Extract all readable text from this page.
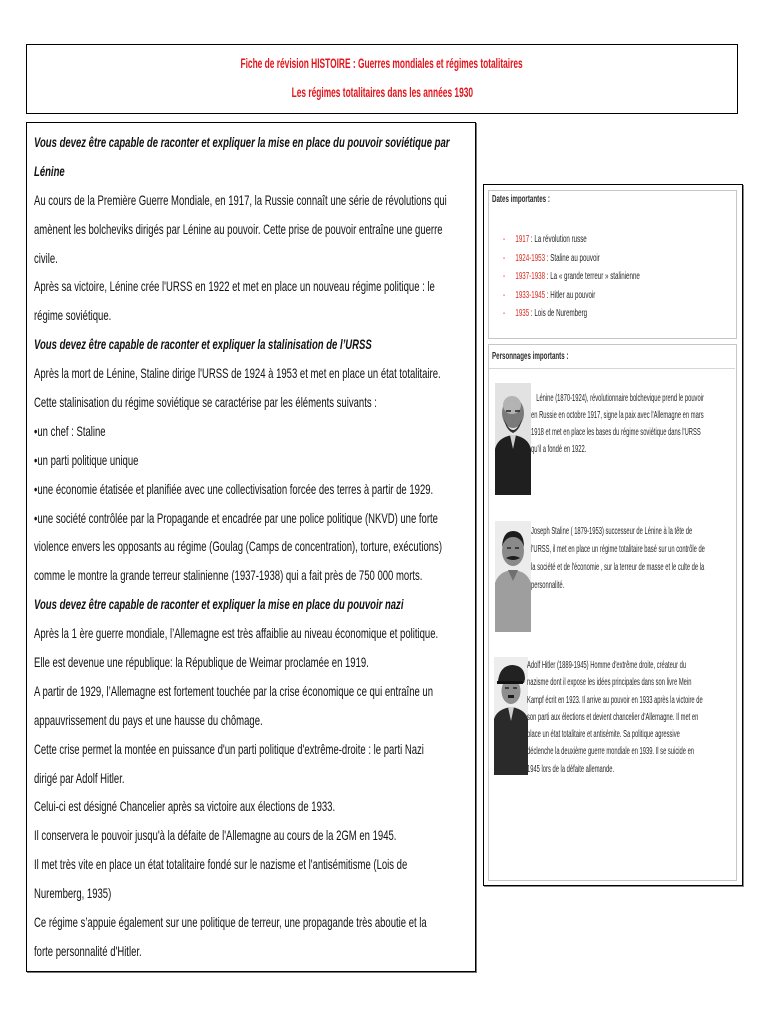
Fiche de révision HISTOIRE : Guerres mondiales et régimes totalitaires
Les régimes totalitaires dans les années 1930
Vous devez être capable de raconter et expliquer la mise en place du pouvoir soviétique par
Lénine
Au cours de la Première Guerre Mondiale, en 1917, la Russie connaît une série de révolutions qui
amènent les bolcheviks dirigés par Lénine au pouvoir. Cette prise de pouvoir entraîne une guerre
civile.
Après sa victoire, Lénine crée l'URSS en 1922 et met en place un nouveau régime politique : le
régime soviétique.
Vous devez être capable de raconter et expliquer la stalinisation de l’URSS
Après la mort de Lénine, Staline dirige l'URSS de 1924 à 1953 et met en place un état totalitaire.
Cette stalinisation du régime soviétique se caractérise par les éléments suivants :
•un chef : Staline
•un parti politique unique
•une économie étatisée et planifiée avec une collectivisation forcée des terres à partir de 1929.
•une société contrôlée par la Propagande et encadrée par une police politique (NKVD) une forte
violence envers les opposants au régime (Goulag (Camps de concentration), torture, exécutions)
comme le montre la grande terreur stalinienne (1937-1938) qui a fait près de 750 000 morts.
Vous devez être capable de raconter et expliquer la mise en place du pouvoir nazi
Après la 1 ère guerre mondiale, l’Allemagne est très affaiblie au niveau économique et politique.
Elle est devenue une république: la République de Weimar proclamée en 1919.
A partir de 1929, l’Allemagne est fortement touchée par la crise économique ce qui entraîne un
appauvrissement du pays et une hausse du chômage.
Cette crise permet la montée en puissance d'un parti politique d'extrême-droite : le parti Nazi
dirigé par Adolf Hitler.
Celui-ci est désigné Chancelier après sa victoire aux élections de 1933.
Il conservera le pouvoir jusqu'à la défaite de l'Allemagne au cours de la 2GM en 1945.
Il met très vite en place un état totalitaire fondé sur le nazisme et l'antisémitisme (Lois de
Nuremberg, 1935)
Ce régime s’appuie également sur une politique de terreur, une propagande très aboutie et la
forte personnalité d'Hitler.
Dates importantes :
-1917 : La révolution russe
-1924-1953 : Staline au pouvoir
-1937-1938 : La « grande terreur » stalinienne
-1933-1945 : Hitler au pouvoir
-1935 : Lois de Nuremberg
Personnages importants :
Lénine (1870-1924), révolutionnaire bolchevique prend le pouvoir
en Russie en octobre 1917, signe la paix avec l'Allemagne en mars
1918 et met en place les bases du régime soviétique dans l'URSS
qu'il a fondé en 1922.
Joseph Staline ( 1879-1953) successeur de Lénine à la tête de
l'URSS, il met en place un régime totalitaire basé sur un contrôle de
la société et de l'économie , sur la terreur de masse et le culte de la
personnalité.
Adolf Hitler (1889-1945) Homme d'extrême droite, créateur du
nazisme dont il expose les idées principales dans son livre Mein
Kampf écrit en 1923. Il arrive au pouvoir en 1933 après la victoire de
son parti aux élections et devient chancelier d'Allemagne. Il met en
place un état totalitaire et antisémite. Sa politique agressive
déclenche la deuxième guerre mondiale en 1939. Il se suicide en
1945 lors de la défaite allemande.
